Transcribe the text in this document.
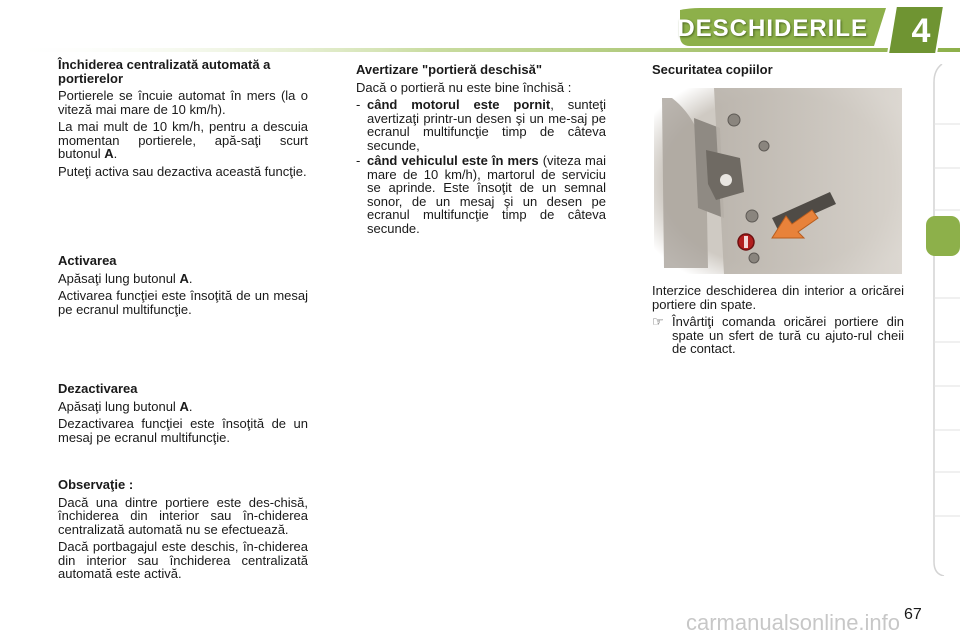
DESCHIDERILE	4

Închiderea centralizată automată a portierelor

Portierele se încuie automat în mers (la o viteză mai mare de 10 km/h).

La mai mult de 10 km/h, pentru a descuia momentan portierele, apă-saţi scurt butonul A.

Puteţi activa sau dezactiva această funcţie.

Activarea

Apăsaţi lung butonul A.

Activarea funcţiei este însoţită de un mesaj pe ecranul multifuncţie.

Dezactivarea

Apăsaţi lung butonul A.

Dezactivarea funcţiei este însoţită de un mesaj pe ecranul multifuncţie.

Observaţie :

Dacă una dintre portiere este des-chisă, închiderea din interior sau în-chiderea centralizată automată nu se efectuează.

Dacă portbagajul este deschis, în-chiderea din interior sau închiderea centralizată automată este activă.

Avertizare "portieră deschisă"

Dacă o portieră nu este bine închisă :

- când motorul este pornit, sunteţi avertizaţi printr-un desen şi un me-saj pe ecranul multifuncţie timp de câteva secunde,
- când vehiculul este în mers (viteza mai mare de 10 km/h), martorul de serviciu se aprinde. Este însoţit de un semnal sonor, de un mesaj şi un desen pe ecranul multifuncţie timp de câteva secunde.

Securitatea copiilor

Interzice deschiderea din interior a oricărei portiere din spate.

☞ Învârtiţi comanda oricărei portiere din spate un sfert de tură cu ajuto-rul cheii de contact.
67
carmanualsonline.info
